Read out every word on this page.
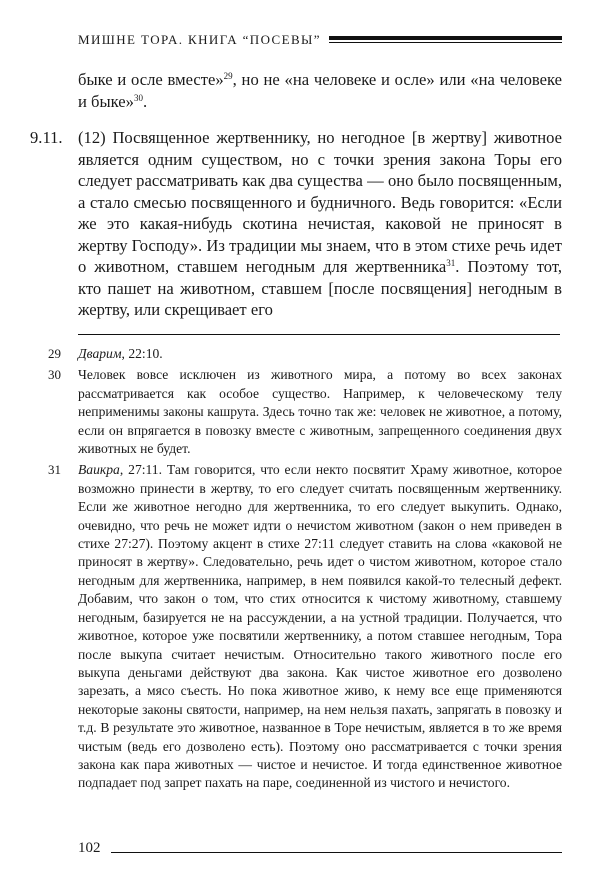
МИШНЕ ТОРА. КНИГА “ПОСЕВЫ”
быке и осле вместе»$^{29}$, но не «на человеке и осле» или «на человеке и быке»$^{30}$.
9.11. (12) Посвященное жертвеннику, но негодное [в жертву] животное является одним существом, но с точки зрения закона Торы его следует рассматривать как два существа — оно было посвященным, а стало смесью посвященного и будничного. Ведь говорится: «Если же это какая-нибудь скотина нечистая, каковой не приносят в жертву Господу». Из традиции мы знаем, что в этом стихе речь идет о животном, ставшем негодным для жертвенника$^{31}$. Поэтому тот, кто пашет на животном, ставшем [после посвящения] негодным в жертву, или скрещивает его
29	Дварим, 22:10.
30	Человек вовсе исключен из животного мира, а потому во всех законах рассматривается как особое существо. Например, к человеческому телу неприменимы законы кашрута. Здесь точно так же: человек не животное, а потому, если он впрягается в повозку вместе с животным, запрещенного соединения двух животных не будет.
31	Ваикра, 27:11. Там говорится, что если некто посвятит Храму животное, которое возможно принести в жертву, то его следует считать посвященным жертвеннику. Если же животное негодно для жертвенника, то его следует выкупить. Однако, очевидно, что речь не может идти о нечистом животном (закон о нем приведен в стихе 27:27). Поэтому акцент в стихе 27:11 следует ставить на слова «каковой не приносят в жертву». Следовательно, речь идет о чистом животном, которое стало негодным для жертвенника, например, в нем появился какой-то телесный дефект. Добавим, что закон о том, что стих относится к чистому животному, ставшему негодным, базируется не на рассуждении, а на устной традиции. Получается, что животное, которое уже посвятили жертвеннику, а потом ставшее негодным, Тора после выкупа считает нечистым. Относительно такого животного после его выкупа деньгами действуют два закона. Как чистое животное его дозволено зарезать, а мясо съесть. Но пока животное живо, к нему все еще применяются некоторые законы святости, например, на нем нельзя пахать, запрягать в повозку и т.д. В результате это животное, названное в Торе нечистым, является в то же время чистым (ведь его дозволено есть). Поэтому оно рассматривается с точки зрения закона как пара животных — чистое и нечистое. И тогда единственное животное подпадает под запрет пахать на паре, соединенной из чистого и нечистого.
102
